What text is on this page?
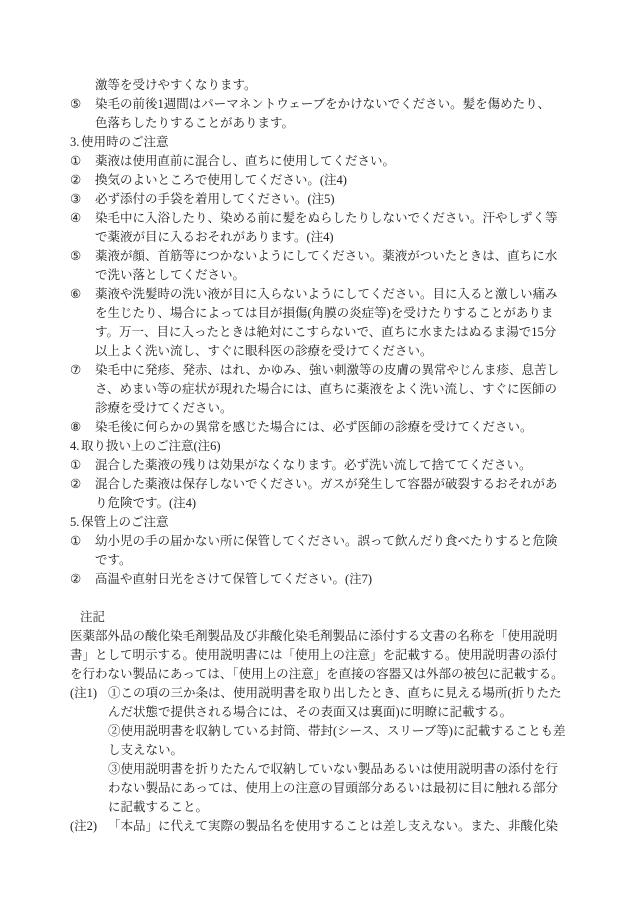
激等を受けやすくなります。
⑤	染毛の前後1週間はパーマネントウェーブをかけないでください。髪を傷めたり、色落ちしたりすることがあります。
3. 使用時のご注意
①	薬液は使用直前に混合し、直ちに使用してください。
②	換気のよいところで使用してください。(注4)
③	必ず添付の手袋を着用してください。(注5)
④	染毛中に入浴したり、染める前に髪をぬらしたりしないでください。汗やしずく等で薬液が目に入るおそれがあります。(注4)
⑤	薬液が顔、首筋等につかないようにしてください。薬液がついたときは、直ちに水で洗い落としてください。
⑥	薬液や洗髪時の洗い液が目に入らないようにしてください。目に入ると激しい痛みを生じたり、場合によっては目が損傷(角膜の炎症等)を受けたりすることがあります。万一、目に入ったときは絶対にこすらないで、直ちに水またはぬるま湯で15分以上よく洗い流し、すぐに眼科医の診療を受けてください。
⑦	染毛中に発疹、発赤、はれ、かゆみ、強い刺激等の皮膚の異常やじんま疹、息苦しさ、めまい等の症状が現れた場合には、直ちに薬液をよく洗い流し、すぐに医師の診療を受けてください。
⑧	染毛後に何らかの異常を感じた場合には、必ず医師の診療を受けてください。
4. 取り扱い上のご注意(注6)
①	混合した薬液の残りは効果がなくなります。必ず洗い流して捨ててください。
②	混合した薬液は保存しないでください。ガスが発生して容器が破裂するおそれがあり危険です。(注4)
5. 保管上のご注意
①	幼小児の手の届かない所に保管してください。誤って飲んだり食べたりすると危険です。
②	高温や直射日光をさけて保管してください。(注7)
注記
医薬部外品の酸化染毛剤製品及び非酸化染毛剤製品に添付する文書の名称を「使用説明書」として明示する。使用説明書には「使用上の注意」を記載する。使用説明書の添付を行わない製品にあっては、「使用上の注意」を直接の容器又は外部の被包に記載する。
(注1) ①この項の三か条は、使用説明書を取り出したとき、直ちに見える場所(折りたたんだ状態で提供される場合には、その表面又は裏面)に明瞭に記載する。
②使用説明書を収納している封筒、帯封(シース、スリーブ等)に記載することも差し支えない。
③使用説明書を折りたたんで収納していない製品あるいは使用説明書の添付を行わない製品にあっては、使用上の注意の冒頭部分あるいは最初に目に触れる部分に記載すること。
(注2) 「本品」に代えて実際の製品名を使用することは差し支えない。また、非酸化染
